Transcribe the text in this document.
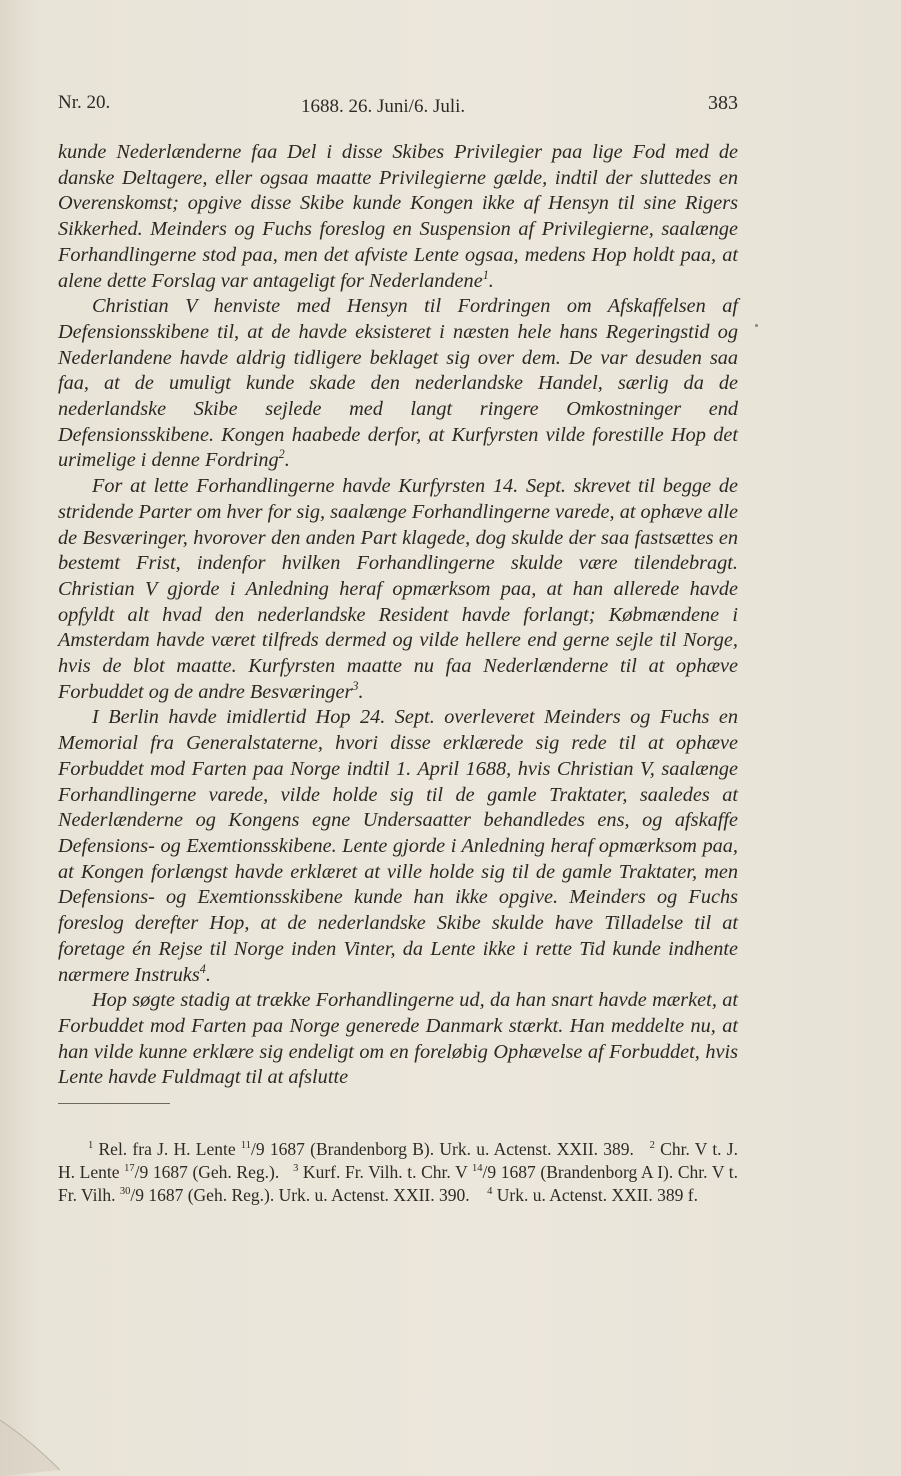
Nr. 20.	1688. 26. Juni/6. Juli.	383

kunde Nederlænderne faa Del i disse Skibes Privilegier paa lige Fod med de danske Deltagere, eller ogsaa maatte Privilegierne gælde, indtil der sluttedes en Overenskomst; opgive disse Skibe kunde Kongen ikke af Hensyn til sine Rigers Sikkerhed. Meinders og Fuchs foreslog en Suspension af Privilegierne, saalænge Forhandlingerne stod paa, men det afviste Lente ogsaa, medens Hop holdt paa, at alene dette Forslag var antageligt for Nederlandene$^1$.

Christian V henviste med Hensyn til Fordringen om Afskaffelsen af Defensionsskibene til, at de havde eksisteret i næsten hele hans Regeringstid og Nederlandene havde aldrig tidligere beklaget sig over dem. De var desuden saa faa, at de umuligt kunde skade den nederlandske Handel, særlig da de nederlandske Skibe sejlede med langt ringere Omkostninger end Defensionsskibene. Kongen haabede derfor, at Kurfyrsten vilde forestille Hop det urimelige i denne Fordring$^2$.

For at lette Forhandlingerne havde Kurfyrsten 14. Sept. skrevet til begge de stridende Parter om hver for sig, saalænge Forhandlingerne varede, at ophæve alle de Besværinger, hvorover den anden Part klagede, dog skulde der saa fastsættes en bestemt Frist, indenfor hvilken Forhandlingerne skulde være tilendebragt. Christian V gjorde i Anledning heraf opmærksom paa, at han allerede havde opfyldt alt hvad den nederlandske Resident havde forlangt; Købmændene i Amsterdam havde været tilfreds dermed og vilde hellere end gerne sejle til Norge, hvis de blot maatte. Kurfyrsten maatte nu faa Nederlænderne til at ophæve Forbuddet og de andre Besværinger$^3$.

I Berlin havde imidlertid Hop 24. Sept. overleveret Meinders og Fuchs en Memorial fra Generalstaterne, hvori disse erklærede sig rede til at ophæve Forbuddet mod Farten paa Norge indtil 1. April 1688, hvis Christian V, saalænge Forhandlingerne varede, vilde holde sig til de gamle Traktater, saaledes at Nederlænderne og Kongens egne Undersaatter behandledes ens, og afskaffe Defensions- og Exemtionsskibene. Lente gjorde i Anledning heraf opmærksom paa, at Kongen forlængst havde erklæret at ville holde sig til de gamle Traktater, men Defensions- og Exemtionsskibene kunde han ikke opgive. Meinders og Fuchs foreslog derefter Hop, at de nederlandske Skibe skulde have Tilladelse til at foretage én Rejse til Norge inden Vinter, da Lente ikke i rette Tid kunde indhente nærmere Instruks$^4$.

Hop søgte stadig at trække Forhandlingerne ud, da han snart havde mærket, at Forbuddet mod Farten paa Norge generede Danmark stærkt. Han meddelte nu, at han vilde kunne erklære sig endeligt om en foreløbig Ophævelse af Forbuddet, hvis Lente havde Fuldmagt til at afslutte

$^1$ Rel. fra J. H. Lente $^{11}$/9 1687 (Brandenborg B). Urk. u. Actenst. XXII. 389. $^2$ Chr. V t. J. H. Lente $^{17}$/9 1687 (Geh. Reg.). $^3$ Kurf. Fr. Vilh. t. Chr. V $^{14}$/9 1687 (Brandenborg A I). Chr. V t. Fr. Vilh. $^{30}$/9 1687 (Geh. Reg.). Urk. u. Actenst. XXII. 390. $^4$ Urk. u. Actenst. XXII. 389 f.
